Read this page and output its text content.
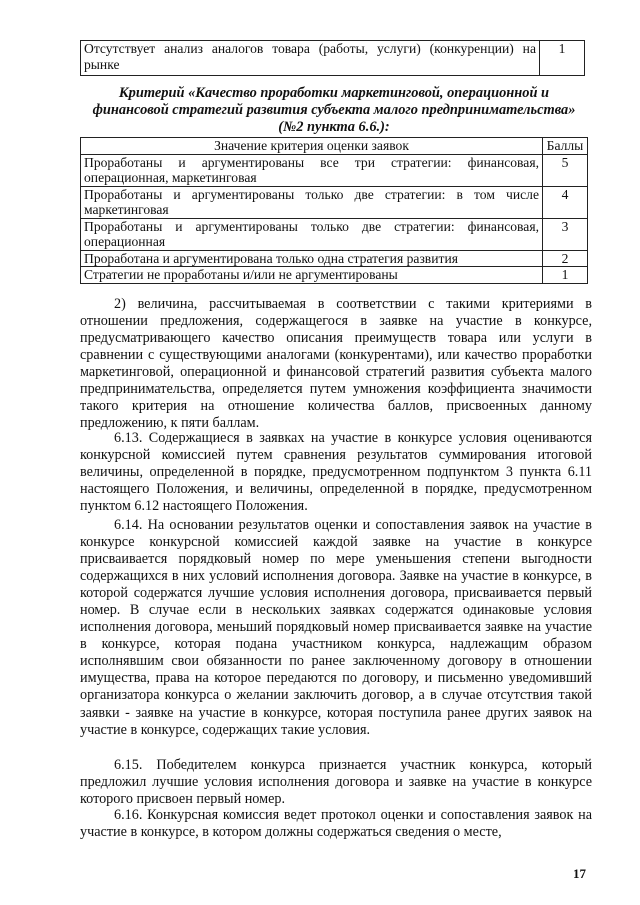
Отсутствует анализ аналогов товара (работы, услуги) (конкуренции) на рынке	1
Критерий «Качество проработки маркетинговой, операционной и финансовой стратегий развития субъекта малого предпринимательства» (№2 пункта 6.6.):
Значение критерия оценки заявок	Баллы
Проработаны и аргументированы все три стратегии: финансовая, операционная, маркетинговая	5
Проработаны и аргументированы только две стратегии: в том числе маркетинговая	4
Проработаны и аргументированы только две стратегии: финансовая, операционная	3
Проработана и аргументирована только одна стратегия развития	2
Стратегии не проработаны и/или не аргументированы	1

2) величина, рассчитываемая в соответствии с такими критериями в отношении предложения, содержащегося в заявке на участие в конкурсе, предусматривающего качество описания преимуществ товара или услуги в сравнении с существующими аналогами (конкурентами), или качество проработки маркетинговой, операционной и финансовой стратегий развития субъекта малого предпринимательства, определяется путем умножения коэффициента значимости такого критерия на отношение количества баллов, присвоенных данному предложению, к пяти баллам.

6.13. Содержащиеся в заявках на участие в конкурсе условия оцениваются конкурсной комиссией путем сравнения результатов суммирования итоговой величины, определенной в порядке, предусмотренном подпунктом 3 пункта 6.11 настоящего Положения, и величины, определенной в порядке, предусмотренном пунктом 6.12 настоящего Положения.

6.14. На основании результатов оценки и сопоставления заявок на участие в конкурсе конкурсной комиссией каждой заявке на участие в конкурсе присваивается порядковый номер по мере уменьшения степени выгодности содержащихся в них условий исполнения договора. Заявке на участие в конкурсе, в которой содержатся лучшие условия исполнения договора, присваивается первый номер. В случае если в нескольких заявках содержатся одинаковые условия исполнения договора, меньший порядковый номер присваивается заявке на участие в конкурсе, которая подана участником конкурса, надлежащим образом исполнявшим свои обязанности по ранее заключенному договору в отношении имущества, права на которое передаются по договору, и письменно уведомивший организатора конкурса о желании заключить договор, а в случае отсутствия такой заявки - заявке на участие в конкурсе, которая поступила ранее других заявок на участие в конкурсе, содержащих такие условия.

6.15. Победителем конкурса признается участник конкурса, который предложил лучшие условия исполнения договора и заявке на участие в конкурсе которого присвоен первый номер.

6.16. Конкурсная комиссия ведет протокол оценки и сопоставления заявок на участие в конкурсе, в котором должны содержаться сведения о месте,

17
